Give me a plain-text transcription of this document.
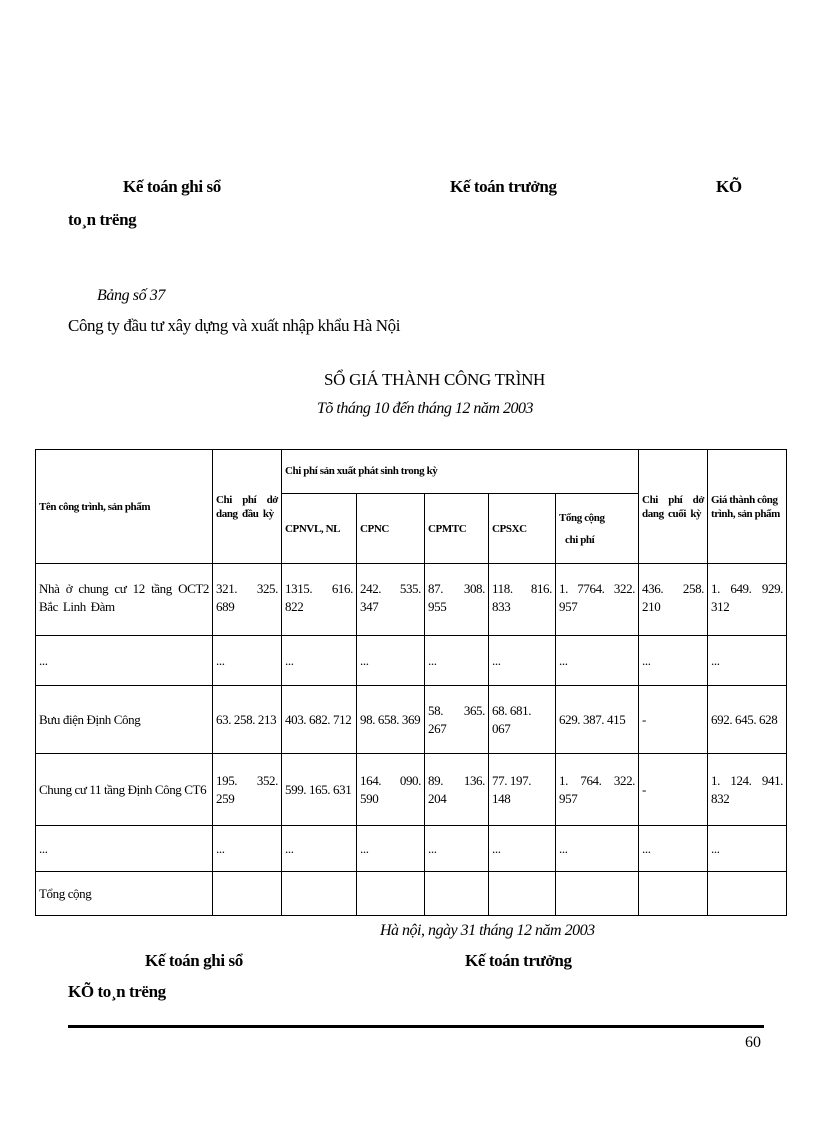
Kế toán ghi sổ	Kế toán trưởng	KÕ
to¸n trëng
Bảng số 37
Công ty đầu tư xây dựng và xuất nhập khẩu Hà Nội
SỔ GIÁ THÀNH CÔNG TRÌNH
Tõ tháng 10 đến tháng 12 năm 2003
Tên công trình, sản phẩm	Chi phí dở dang đầu kỳ	Chi phí sản xuất phát sinh trong kỳ					Chi phí dở dang cuối kỳ	Giá thành công trình, sản phẩm
		CPNVL, NL	CPNC	CPMTC	CPSXC	Tổng cộng
chi phí		

Nhà ở chung cư 12 tầng OCT2 Bắc Linh Đàm	321. 325. 689	1315. 616. 822	242. 535. 347	87. 308. 955	118. 816. 833	1. 7764. 322. 957	436. 258. 210	1. 649. 929. 312
...	...	...	...	...	...	...	...	...
Bưu điện Định Công	63. 258. 213	403. 682. 712	98. 658. 369	58. 365. 267	68. 681. 067	629. 387. 415	-	692. 645. 628
Chung cư 11 tầng Định Công CT6	195. 352. 259	599. 165. 631	164. 090. 590	89. 136. 204	77. 197. 148	1. 764. 322. 957	-	1. 124. 941. 832
...	...	...	...	...	...	...	...	...
Tổng cộng								
Hà nội, ngày 31 tháng 12 năm 2003
Kế toán ghi sổ	Kế toán trưởng
KÕ to¸n trëng
60
